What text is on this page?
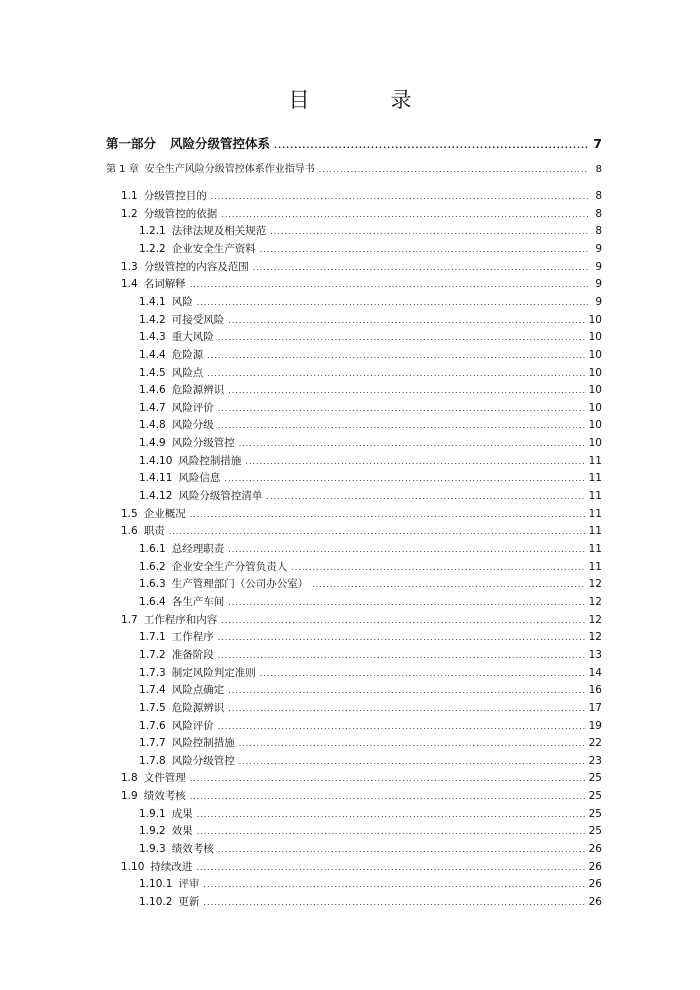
目　录
第一部分 风险分级管控体系 .....	7
第 1 章 安全生产风险分级管控体系作业指导书 .....	8
1.1 分级管控目的 .....	8
1.2 分级管控的依据 .....	8
1.2.1 法律法规及相关规范 .....	8
1.2.2 企业安全生产资料 .....	9
1.3 分级管控的内容及范围 .....	9
1.4 名词解释 .....	9
1.4.1 风险 .....	9
1.4.2 可接受风险 .....	10
1.4.3 重大风险 .....	10
1.4.4 危险源 .....	10
1.4.5 风险点 .....	10
1.4.6 危险源辨识 .....	10
1.4.7 风险评价 .....	10
1.4.8 风险分级 .....	10
1.4.9 风险分级管控 .....	10
1.4.10 风险控制措施 .....	11
1.4.11 风险信息 .....	11
1.4.12 风险分级管控清单 .....	11
1.5 企业概况 .....	11
1.6 职责 .....	11
1.6.1 总经理职责 .....	11
1.6.2 企业安全生产分管负责人 .....	11
1.6.3 生产管理部门（公司办公室） .....	12
1.6.4 各生产车间 .....	12
1.7 工作程序和内容 .....	12
1.7.1 工作程序 .....	12
1.7.2 准备阶段 .....	13
1.7.3 制定风险判定准则 .....	14
1.7.4 风险点确定 .....	16
1.7.5 危险源辨识 .....	17
1.7.6 风险评价 .....	19
1.7.7 风险控制措施 .....	22
1.7.8 风险分级管控 .....	23
1.8 文件管理 .....	25
1.9 绩效考核 .....	25
1.9.1 成果 .....	25
1.9.2 效果 .....	25
1.9.3 绩效考核 .....	26
1.10 持续改进 .....	26
1.10.1 评审 .....	26
1.10.2 更新 .....	26
